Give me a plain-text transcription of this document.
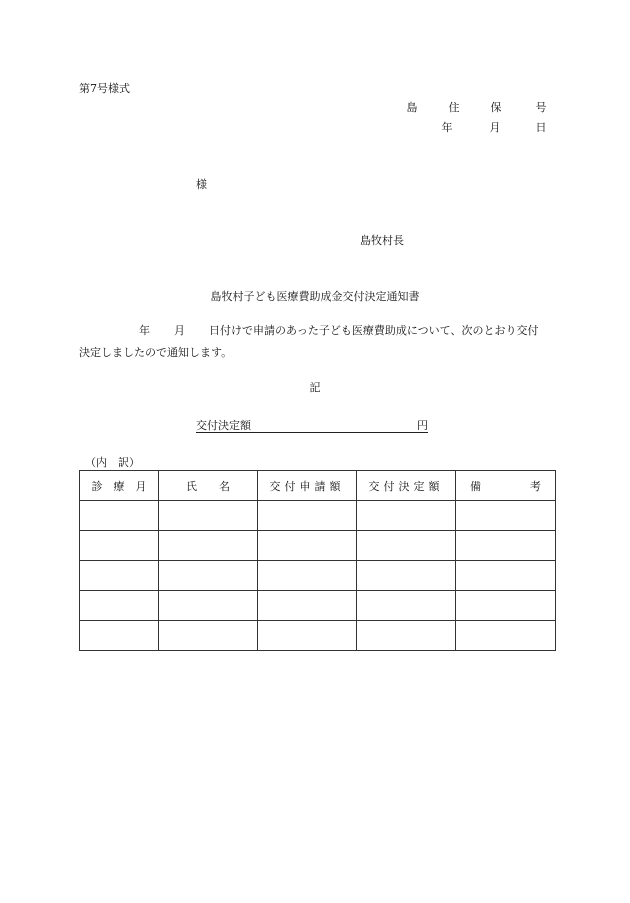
第7号様式
島	住	保	号
年	月	日
様
島牧村長
島牧村子ども医療費助成金交付決定通知書
年 月 日付けで申請のあった子ども医療費助成について、次のとおり交付決定しましたので通知します。
記
交付決定額	円
（内　訳）
診　療　月	氏　　名	交付申請額	交付決定額	備 考
